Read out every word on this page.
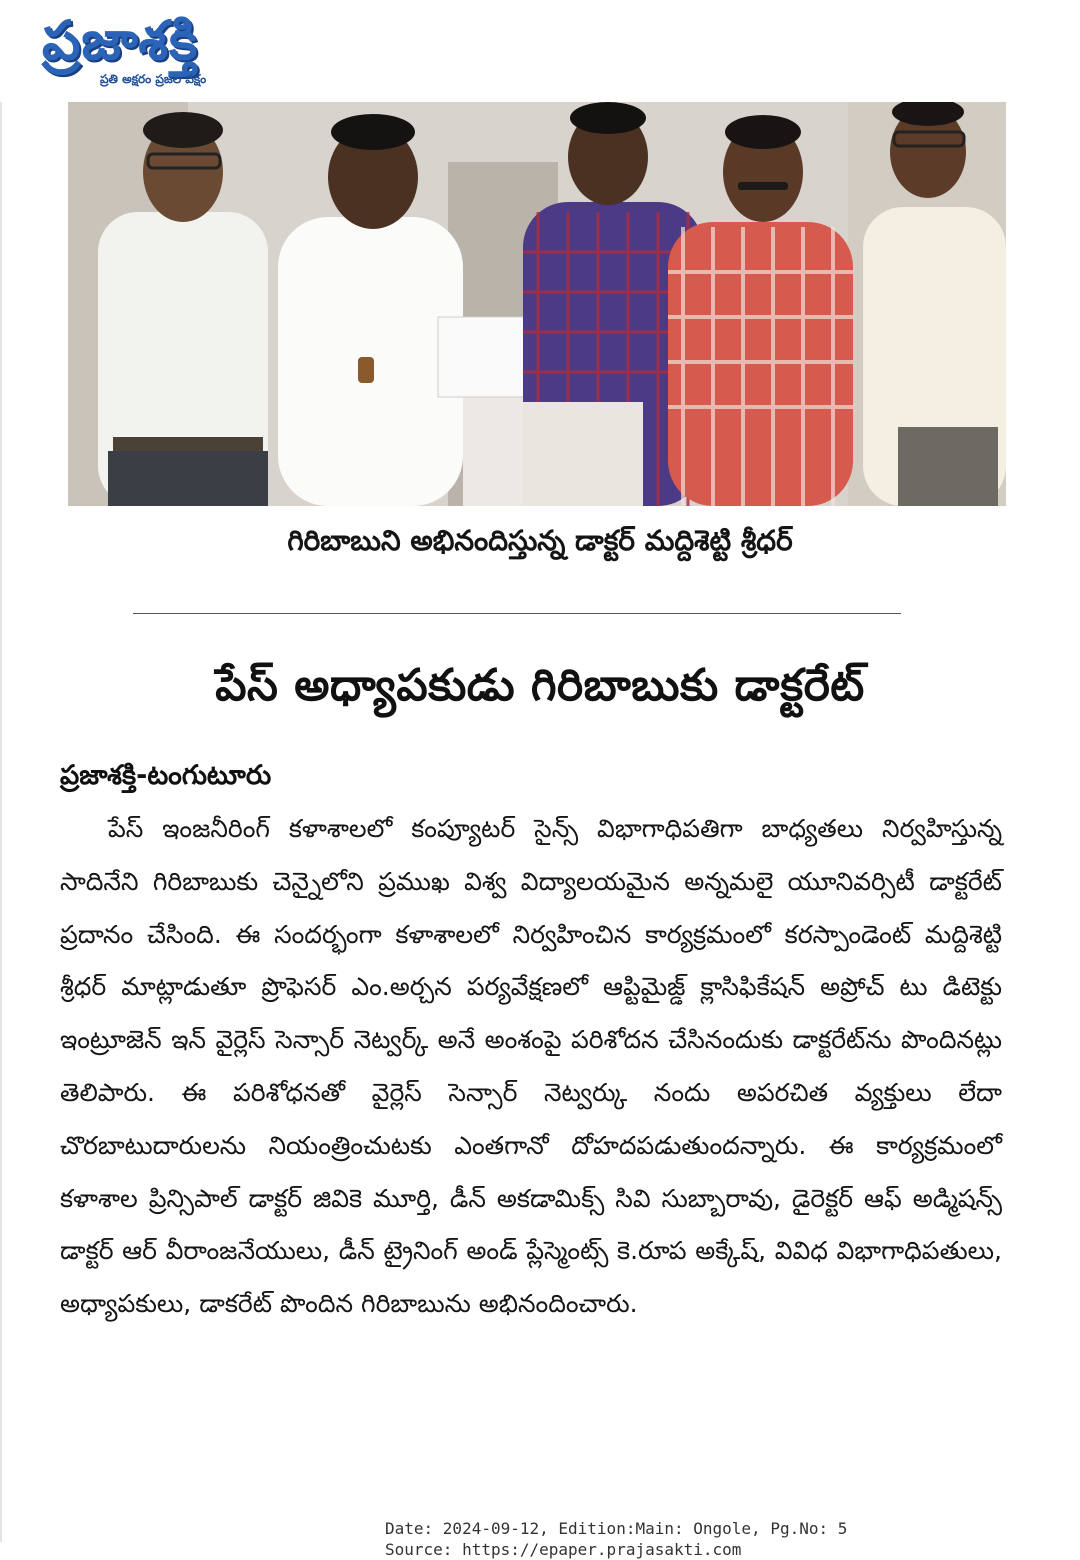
ప్రజాశక్తి
ప్రతి అక్షరం ప్రజల పక్షం
గిరిబాబుని అభినందిస్తున్న డాక్టర్ మద్దిశెట్టి శ్రీధర్
పేస్ అధ్యాపకుడు గిరిబాబుకు డాక్టరేట్
ప్రజాశక్తి-టంగుటూరు
పేస్ ఇంజనీరింగ్ కళాశాలలో కంప్యూటర్ సైన్స్ విభాగాధిపతిగా బాధ్యతలు నిర్వహిస్తున్న సాదినేని గిరిబాబుకు చెన్నైలోని ప్రముఖ విశ్వ విద్యాలయమైన అన్నమలై యూనివర్సిటీ డాక్టరేట్ ప్రదానం చేసింది. ఈ సందర్భంగా కళాశాలలో నిర్వహించిన కార్యక్రమంలో కరస్పాండెంట్ మద్దిశెట్టి శ్రీధర్ మాట్లాడుతూ ప్రొఫెసర్ ఎం.అర్చన పర్యవేక్షణలో ఆప్టిమైజ్డ్ క్లాసిఫికేషన్ అప్రోచ్ టు డిటెక్టు ఇంట్రూజెన్ ఇన్ వైర్లెస్ సెన్సార్ నెట్వర్క్ అనే అంశంపై పరిశోదన చేసినందుకు డాక్టరేట్‌ను పొందినట్లు తెలిపారు. ఈ పరిశోధనతో వైర్లెస్ సెన్సార్ నెట్వర్కు నందు అపరచిత వ్యక్తులు లేదా చొరబాటుదారులను నియంత్రించుటకు ఎంతగానో దోహదపడుతుందన్నారు. ఈ కార్యక్రమంలో కళాశాల ప్రిన్సిపాల్ డాక్టర్ జివికె మూర్తి, డీన్ అకడామిక్స్ సివి సుబ్బారావు, డైరెక్టర్ ఆఫ్ అడ్మిషన్స్ డాక్టర్ ఆర్ వీరాంజనేయులు, డీన్ ట్రైనింగ్ అండ్ ప్లేస్మెంట్స్ కె.రూప అక్కేష్, వివిధ విభాగాధిపతులు, అధ్యాపకులు, డాకరేట్ పొందిన గిరిబాబును అభినందించారు.
Date: 2024-09-12, Edition:Main: Ongole, Pg.No: 5
Source: https://epaper.prajasakti.com
